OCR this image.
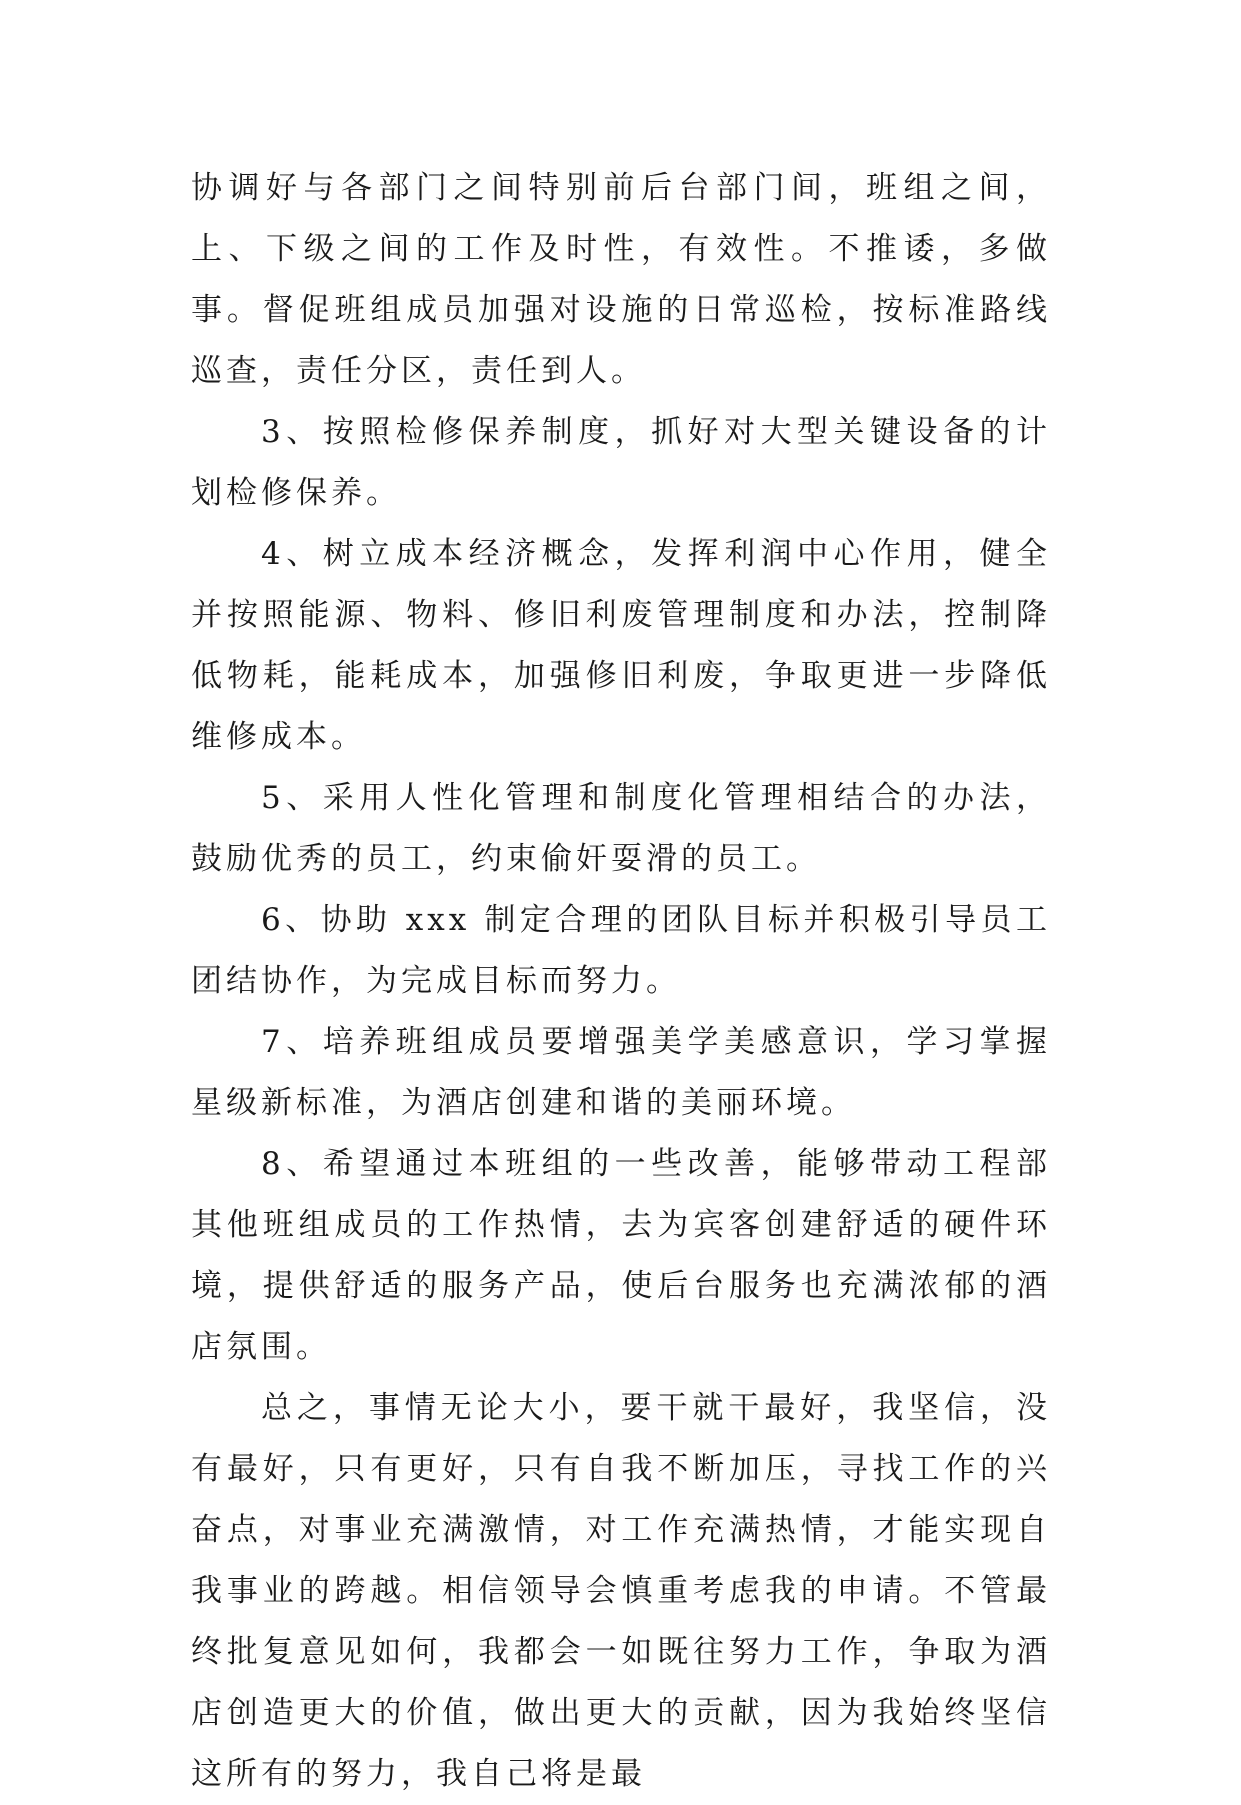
协调好与各部门之间特别前后台部门间，班组之间，上、下级之间的工作及时性，有效性。不推诿，多做事。督促班组成员加强对设施的日常巡检，按标准路线巡查，责任分区，责任到人。

3、按照检修保养制度，抓好对大型关键设备的计划检修保养。

4、树立成本经济概念，发挥利润中心作用，健全并按照能源、物料、修旧利废管理制度和办法，控制降低物耗，能耗成本，加强修旧利废，争取更进一步降低维修成本。

5、采用人性化管理和制度化管理相结合的办法，鼓励优秀的员工，约束偷奸耍滑的员工。

6、协助 xxx 制定合理的团队目标并积极引导员工团结协作，为完成目标而努力。

7、培养班组成员要增强美学美感意识，学习掌握星级新标准，为酒店创建和谐的美丽环境。

8、希望通过本班组的一些改善，能够带动工程部其他班组成员的工作热情，去为宾客创建舒适的硬件环境，提供舒适的服务产品，使后台服务也充满浓郁的酒店氛围。

总之，事情无论大小，要干就干最好，我坚信，没有最好，只有更好，只有自我不断加压，寻找工作的兴奋点，对事业充满激情，对工作充满热情，才能实现自我事业的跨越。相信领导会慎重考虑我的申请。不管最终批复意见如何，我都会一如既往努力工作，争取为酒店创造更大的价值，做出更大的贡献，因为我始终坚信这所有的努力，我自己将是最
